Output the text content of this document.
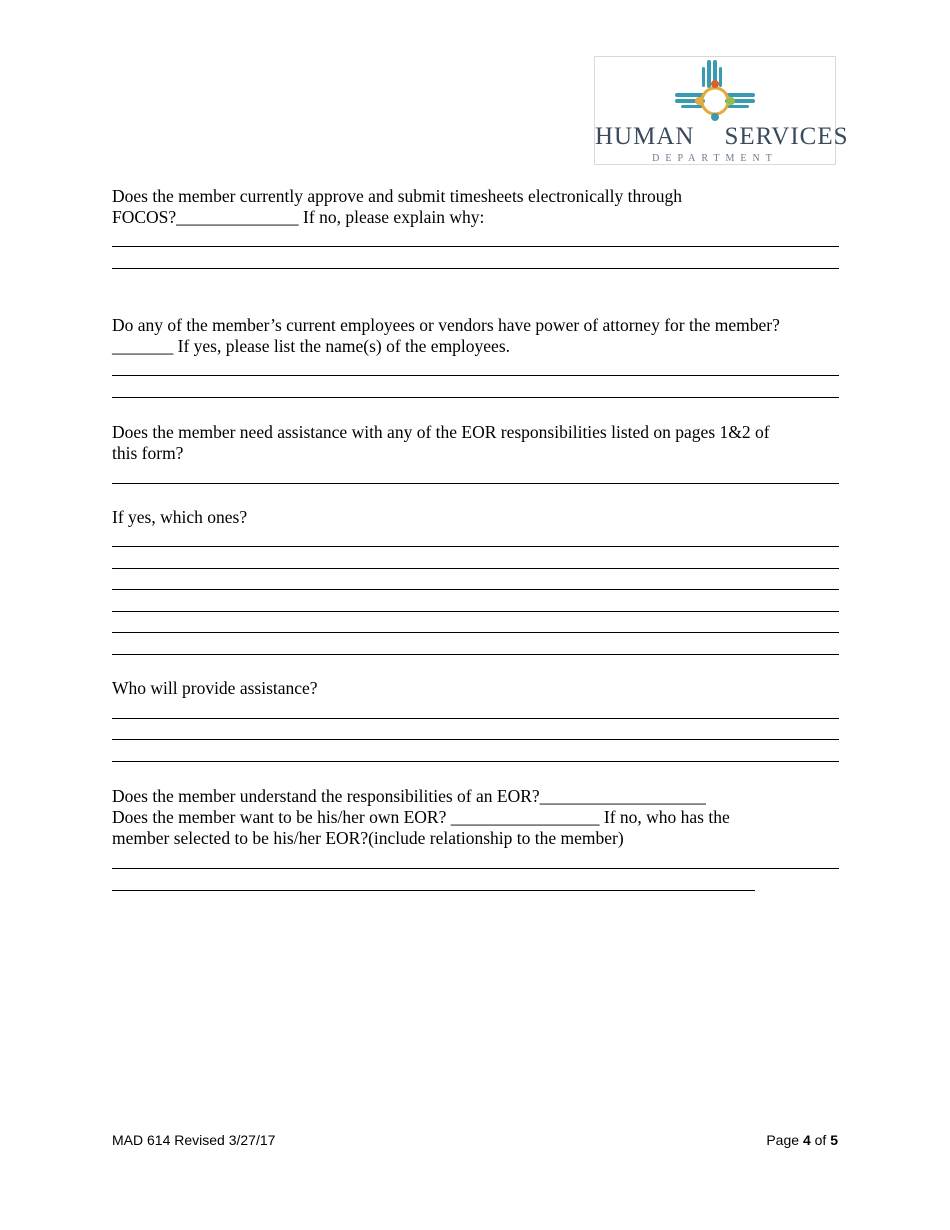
HUMAN SERVICES
DEPARTMENT
Does the member currently approve and submit timesheets electronically through
FOCOS?______________ If no, please explain why:
Do any of the member’s current employees or vendors have power of attorney for the member?
_______ If yes, please list the name(s) of the employees.
Does the member need assistance with any of the EOR responsibilities listed on pages 1&2 of
this form?
If yes, which ones?
Who will provide assistance?
Does the member understand the responsibilities of an EOR?___________________
Does the member want to be his/her own EOR? _________________ If no, who has the
member selected to be his/her EOR?(include relationship to the member)
MAD 614 Revised 3/27/17	Page 4 of 5
